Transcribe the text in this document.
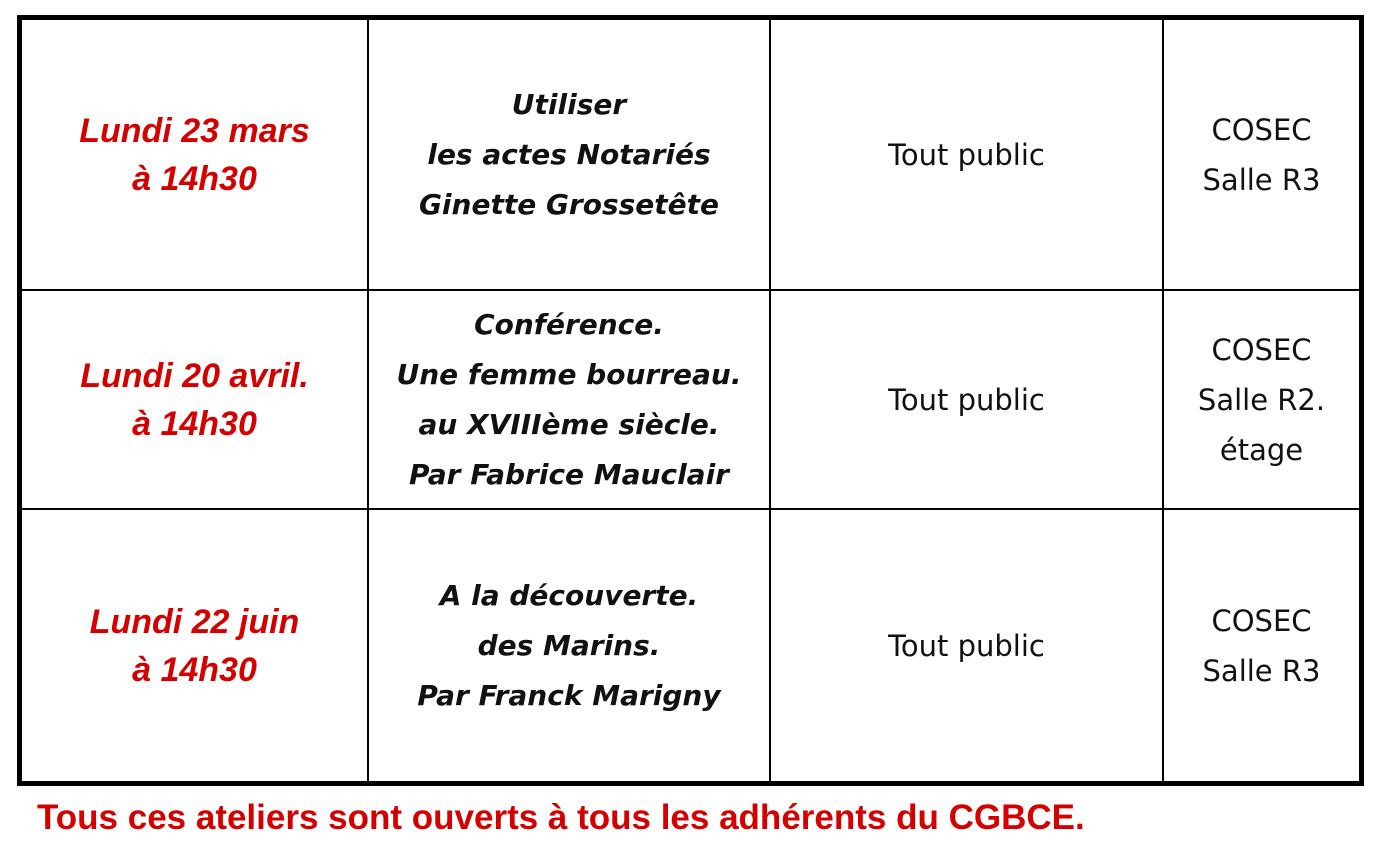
Lundi 23 mars
à 14h30
Utiliser
les actes Notariés
Ginette Grossetête
Tout public
COSEC
Salle R3
Lundi 20 avril.
à 14h30
Conférence.
Une femme bourreau.
au XVIIIème siècle.
Par Fabrice Mauclair
Tout public
COSEC
Salle R2.
étage
Lundi 22 juin
à 14h30
A la découverte.
des Marins.
Par Franck Marigny
Tout public
COSEC
Salle R3
Tous ces ateliers sont ouverts à tous les adhérents du CGBCE.
